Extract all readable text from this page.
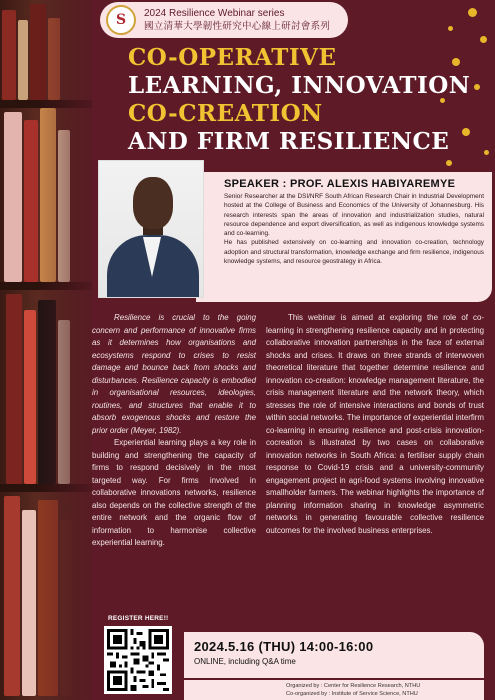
S	2024 Resilience Webinar series
國立清華大學韌性研究中心線上研討會系列
CO-OPERATIVE
LEARNING, INNOVATION
CO-CREATION
AND FIRM RESILIENCE
SPEAKER : PROF. ALEXIS HABIYAREMYE
Senior Researcher at the DSI/NRF South African Research Chair in Industrial Development hosted at the College of Business and Economics of the University of Johannesburg. His research interests span the areas of innovation and industrialization studies, natural resource dependence and export diversification, as well as indigenous knowledge systems and co-learning.
He has published extensively on co-learning and innovation co-creation, technology adoption and structural transformation, knowledge exchange and firm resilience, indigenous knowledge systems, and resource geostrategy in Africa.

Resilience is crucial to the going concern and performance of innovative firms as it determines how organisations and ecosystems respond to crises to resist damage and bounce back from shocks and disturbances. Resilience capacity is embodied in organisational resources, ideologies, routines, and structures that enable it to absorb exogenous shocks and restore the prior order (Meyer, 1982).

Experiential learning plays a key role in building and strengthening the capacity of firms to respond decisively in the most targeted way. For firms involved in collaborative innovations networks, resilience also depends on the collective strength of the entire network and the organic flow of information to harmonise collective experiential learning.

This webinar is aimed at exploring the role of co-learning in strengthening resilience capacity and in protecting collaborative innovation partnerships in the face of external shocks and crises. It draws on three strands of interwoven theoretical literature that together determine resilience and innovation co-creation: knowledge management literature, the crisis management literature and the network theory, which stresses the role of intensive interactions and bonds of trust within social networks. The importance of experiential interfirm co-learning in ensuring resilience and post-crisis innovation-cocreation is illustrated by two cases on collaborative innovation networks in South Africa: a fertiliser supply chain response to Covid-19 crisis and a university-community engagement project in agri-food systems involving innovative smallholder farmers. The webinar highlights the importance of planning information sharing in knowledge asymmetric networks in generating favourable collective resilience outcomes for the involved business enterprises.

REGISTER HERE!!
2024.5.16 (THU) 14:00-16:00
ONLINE, including Q&A time
Organized by : Center for Resilience Research, NTHU
Co-organized by : Institute of Service Science, NTHU
